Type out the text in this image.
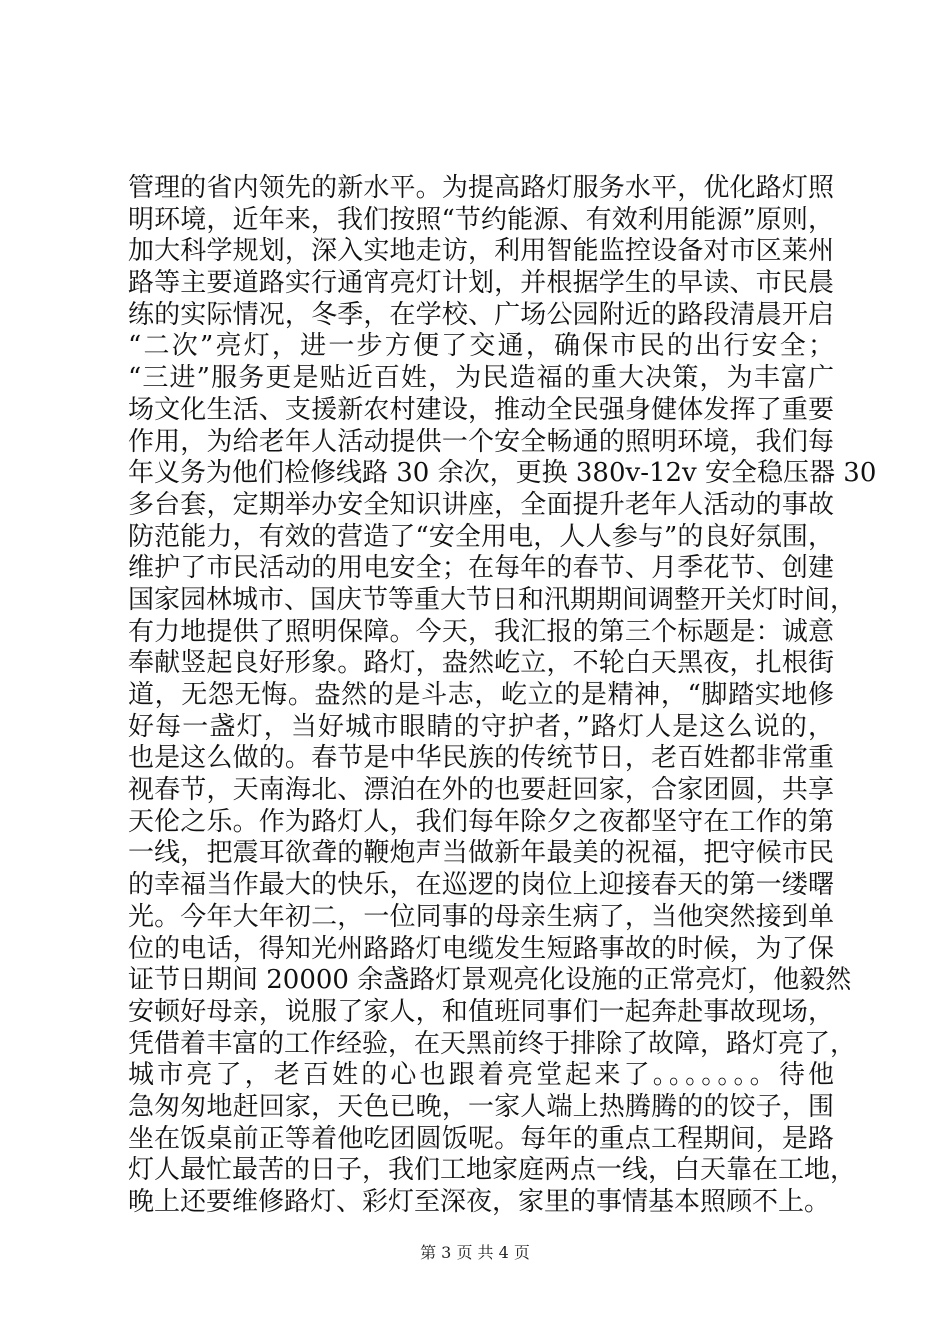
管理的省内领先的新水平。为提高路灯服务水平，优化路灯照
明环境，近年来，我们按照“节约能源、有效利用能源”原则，
加大科学规划，深入实地走访，利用智能监控设备对市区莱州
路等主要道路实行通宵亮灯计划，并根据学生的早读、市民晨
练的实际情况，冬季，在学校、广场公园附近的路段清晨开启
“二次”亮灯，进一步方便了交通，确保市民的出行安全；
“三进”服务更是贴近百姓，为民造福的重大决策，为丰富广
场文化生活、支援新农村建设，推动全民强身健体发挥了重要
作用，为给老年人活动提供一个安全畅通的照明环境，我们每
年义务为他们检修线路 30 余次，更换 380v-12v 安全稳压器 30
多台套，定期举办安全知识讲座，全面提升老年人活动的事故
防范能力，有效的营造了“安全用电，人人参与”的良好氛围，
维护了市民活动的用电安全；在每年的春节、月季花节、创建
国家园林城市、国庆节等重大节日和汛期期间调整开关灯时间，
有力地提供了照明保障。今天，我汇报的第三个标题是：诚意
奉献竖起良好形象。路灯，盎然屹立，不轮白天黑夜，扎根街
道，无怨无悔。盎然的是斗志，屹立的是精神，“脚踏实地修
好每一盏灯，当好城市眼睛的守护者，”路灯人是这么说的，
也是这么做的。春节是中华民族的传统节日，老百姓都非常重
视春节，天南海北、漂泊在外的也要赶回家，合家团圆，共享
天伦之乐。作为路灯人，我们每年除夕之夜都坚守在工作的第
一线，把震耳欲聋的鞭炮声当做新年最美的祝福，把守候市民
的幸福当作最大的快乐，在巡逻的岗位上迎接春天的第一缕曙
光。今年大年初二，一位同事的母亲生病了，当他突然接到单
位的电话，得知光州路路灯电缆发生短路事故的时候，为了保
证节日期间 20000 余盏路灯景观亮化设施的正常亮灯，他毅然
安顿好母亲，说服了家人，和值班同事们一起奔赴事故现场，
凭借着丰富的工作经验，在天黑前终于排除了故障，路灯亮了，
城市亮了，老百姓的心也跟着亮堂起来了。。。。。。。待他
急匆匆地赶回家，天色已晚，一家人端上热腾腾的的饺子，围
坐在饭桌前正等着他吃团圆饭呢。每年的重点工程期间，是路
灯人最忙最苦的日子，我们工地家庭两点一线，白天靠在工地，
晚上还要维修路灯、彩灯至深夜，家里的事情基本照顾不上。
第 3 页 共 4 页
